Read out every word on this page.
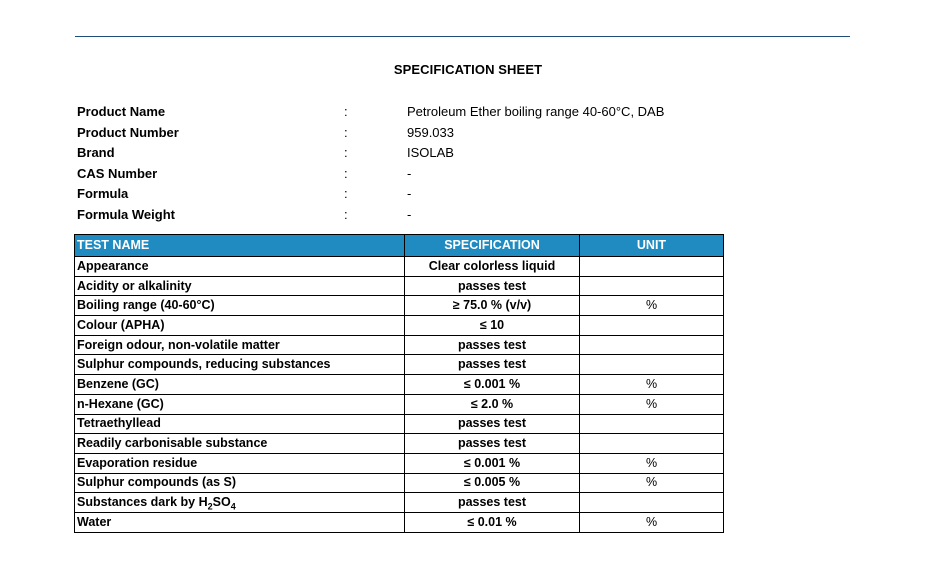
SPECIFICATION SHEET
Product Name	:	Petroleum Ether boiling range 40-60°C, DAB
Product Number	:	959.033
Brand	:	ISOLAB
CAS Number	:	-
Formula	:	-
Formula Weight	:	-
TEST NAME	SPECIFICATION	UNIT
Appearance	Clear colorless liquid	
Acidity or alkalinity	passes test	
Boiling range (40-60°C)	≥ 75.0 % (v/v)	%
Colour (APHA)	≤ 10	
Foreign odour, non-volatile matter	passes test	
Sulphur compounds, reducing substances	passes test	
Benzene (GC)	≤ 0.001 %	%
n-Hexane (GC)	≤ 2.0 %	%
Tetraethyllead	passes test	
Readily carbonisable substance	passes test	
Evaporation residue	≤ 0.001 %	%
Sulphur compounds (as S)	≤ 0.005 %	%
Substances dark by $H_2SO_4$	passes test	
Water	≤ 0.01 %	%
